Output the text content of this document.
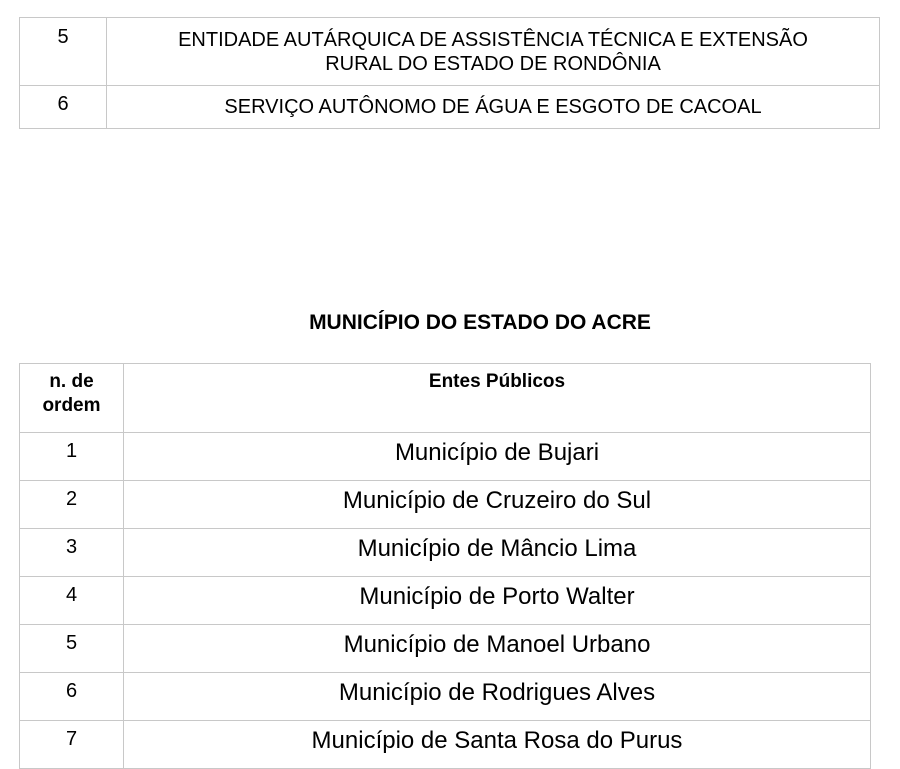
5	ENTIDADE AUTÁRQUICA DE ASSISTÊNCIA TÉCNICA E EXTENSÃO
RURAL DO ESTADO DE RONDÔNIA

6	SERVIÇO AUTÔNOMO DE ÁGUA E ESGOTO DE CACOAL
MUNICÍPIO DO ESTADO DO ACRE
n. de
ordem	Entes Públicos
1	Município de Bujari
2	Município de Cruzeiro do Sul
3	Município de Mâncio Lima
4	Município de Porto Walter
5	Município de Manoel Urbano
6	Município de Rodrigues Alves
7	Município de Santa Rosa do Purus
